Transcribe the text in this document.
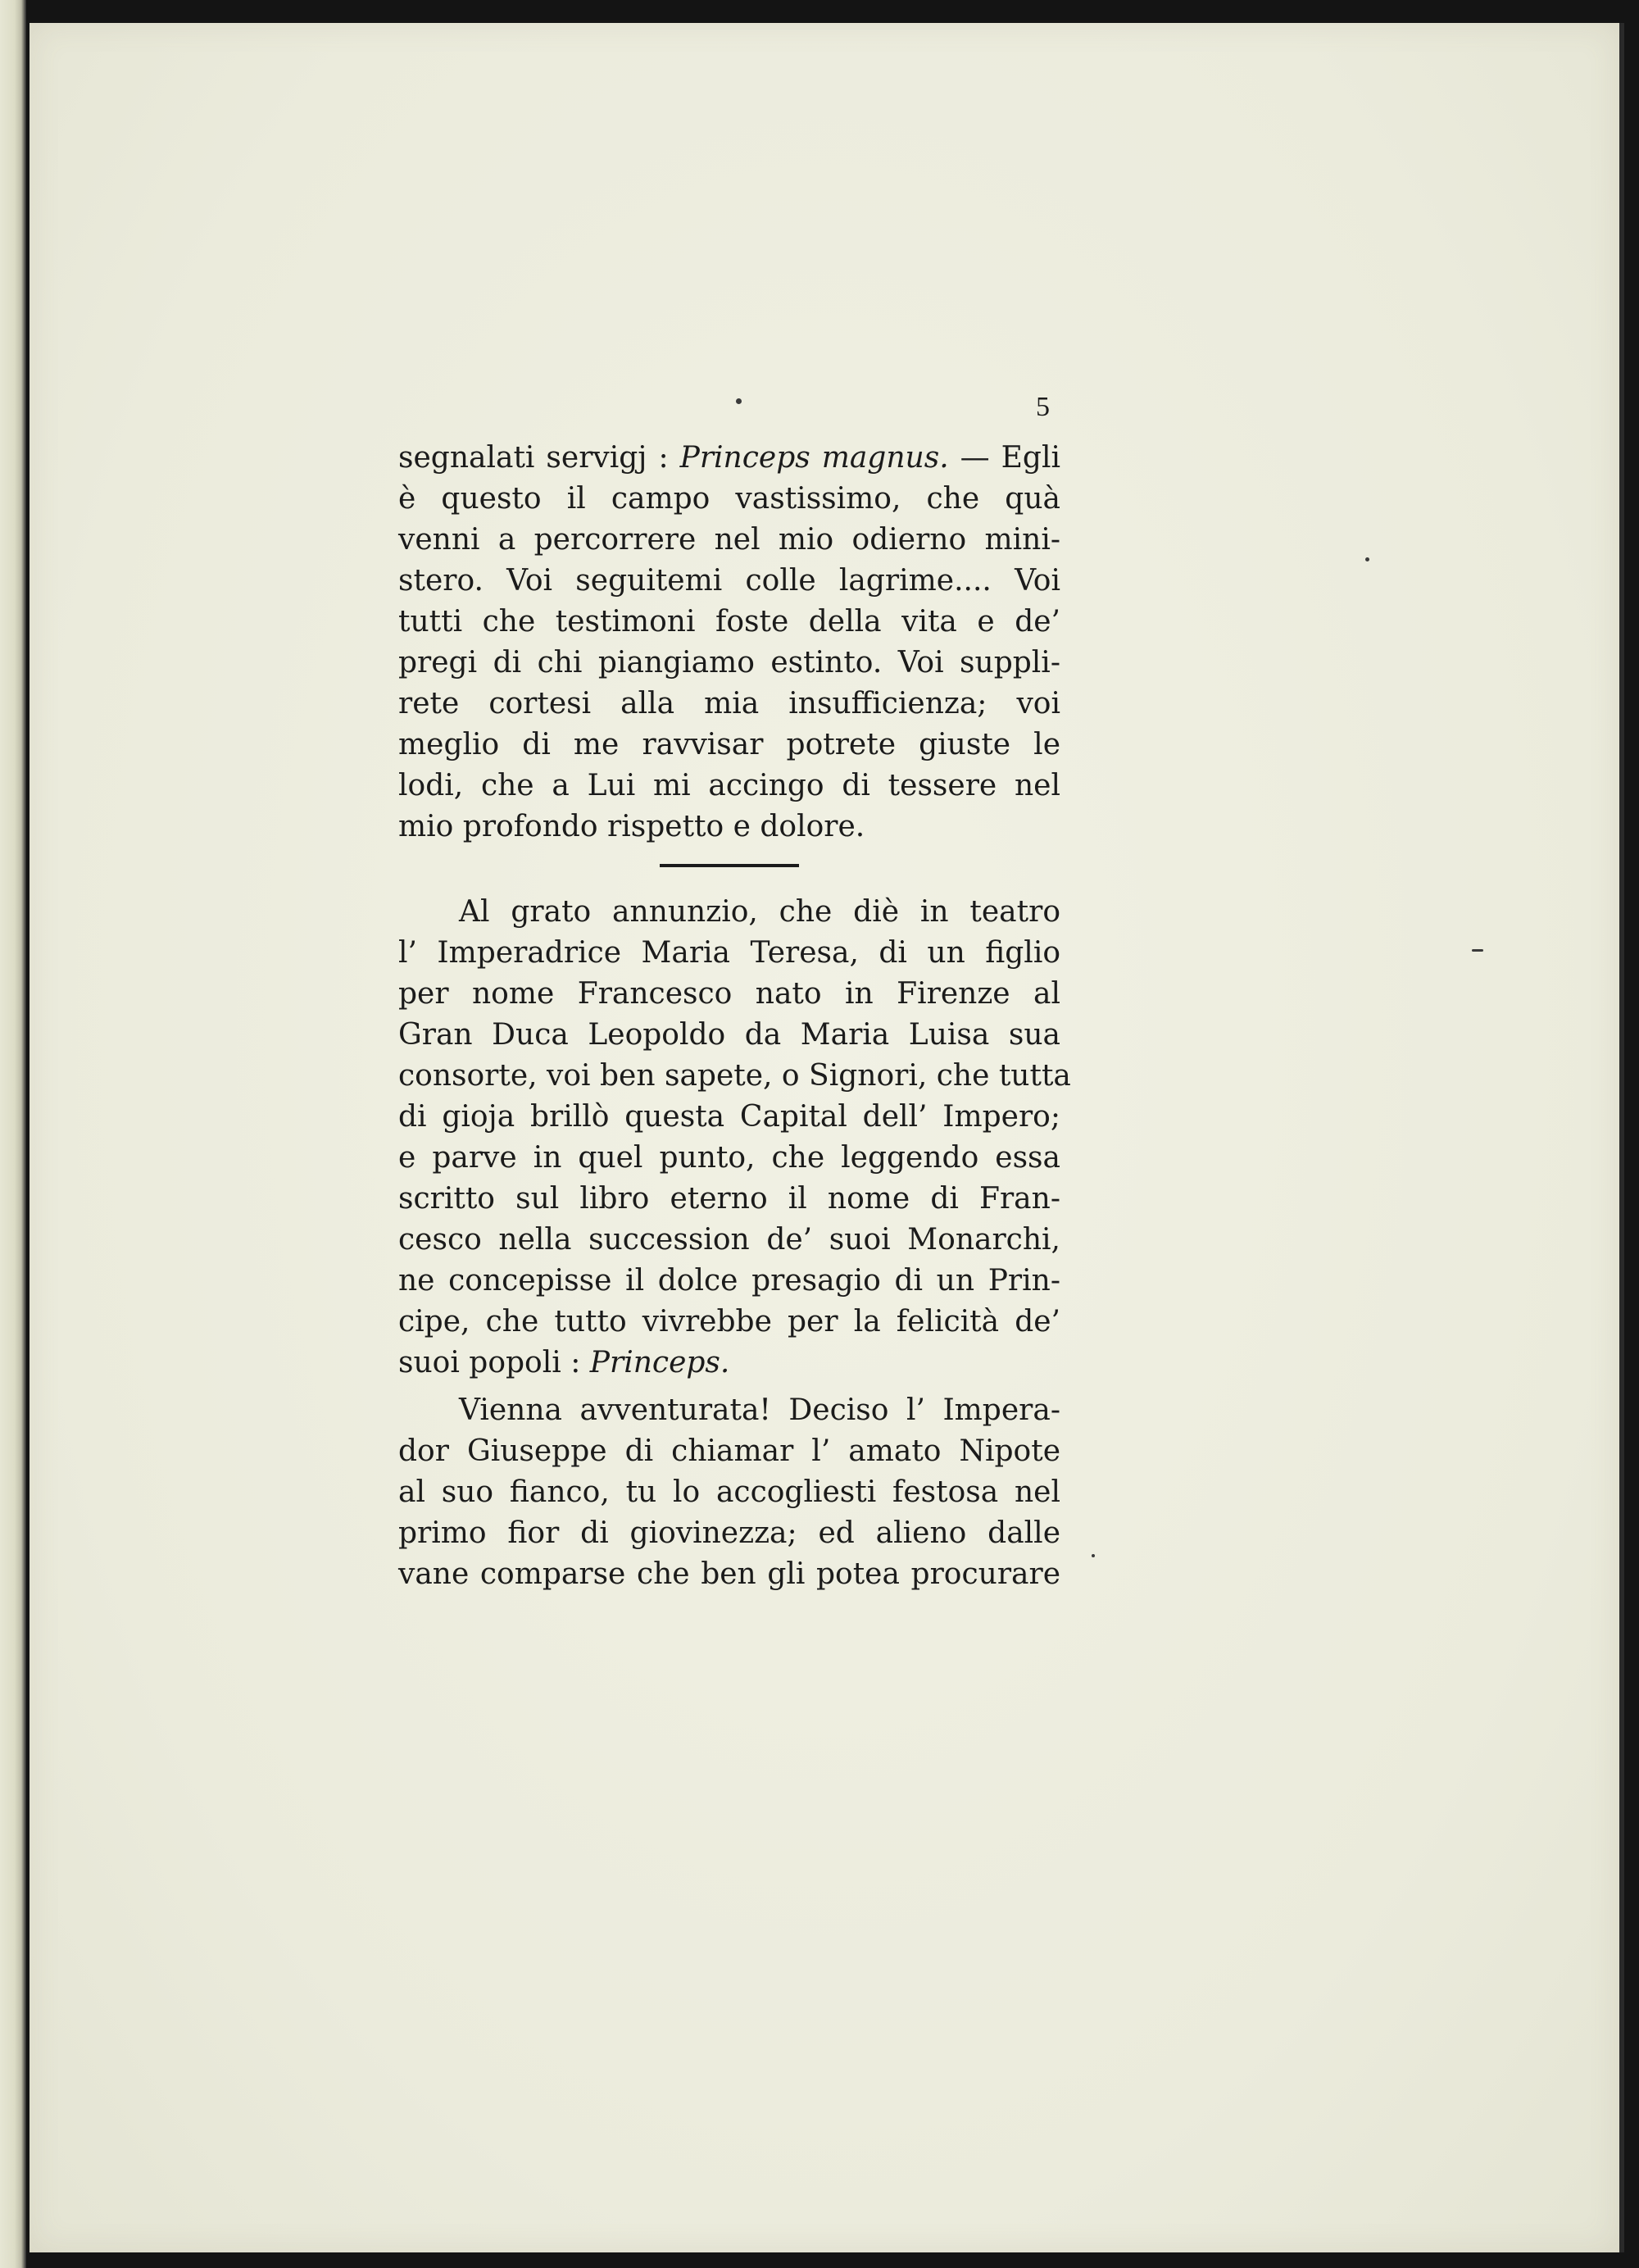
5
segnalati servigj : Princeps magnus. — Egli
è questo il campo vastissimo, che quà
venni a percorrere nel mio odierno mini-
stero. Voi seguitemi colle lagrime.... Voi
tutti che testimoni foste della vita e de’
pregi di chi piangiamo estinto. Voi suppli-
rete cortesi alla mia insufficienza; voi
meglio di me ravvisar potrete giuste le
lodi, che a Lui mi accingo di tessere nel
mio profondo rispetto e dolore.
Al grato annunzio, che diè in teatro
l’ Imperadrice Maria Teresa, di un figlio
per nome Francesco nato in Firenze al
Gran Duca Leopoldo da Maria Luisa sua
consorte, voi ben sapete, o Signori, che tutta
di gioja brillò questa Capital dell’ Impero;
e parve in quel punto, che leggendo essa
scritto sul libro eterno il nome di Fran-
cesco nella succession de’ suoi Monarchi,
ne concepisse il dolce presagio di un Prin-
cipe, che tutto vivrebbe per la felicità de’
suoi popoli : Princeps.
Vienna avventurata! Deciso l’ Impera-
dor Giuseppe di chiamar l’ amato Nipote
al suo fianco, tu lo accogliesti festosa nel
primo fior di giovinezza; ed alieno dalle
vane comparse che ben gli potea procurare
